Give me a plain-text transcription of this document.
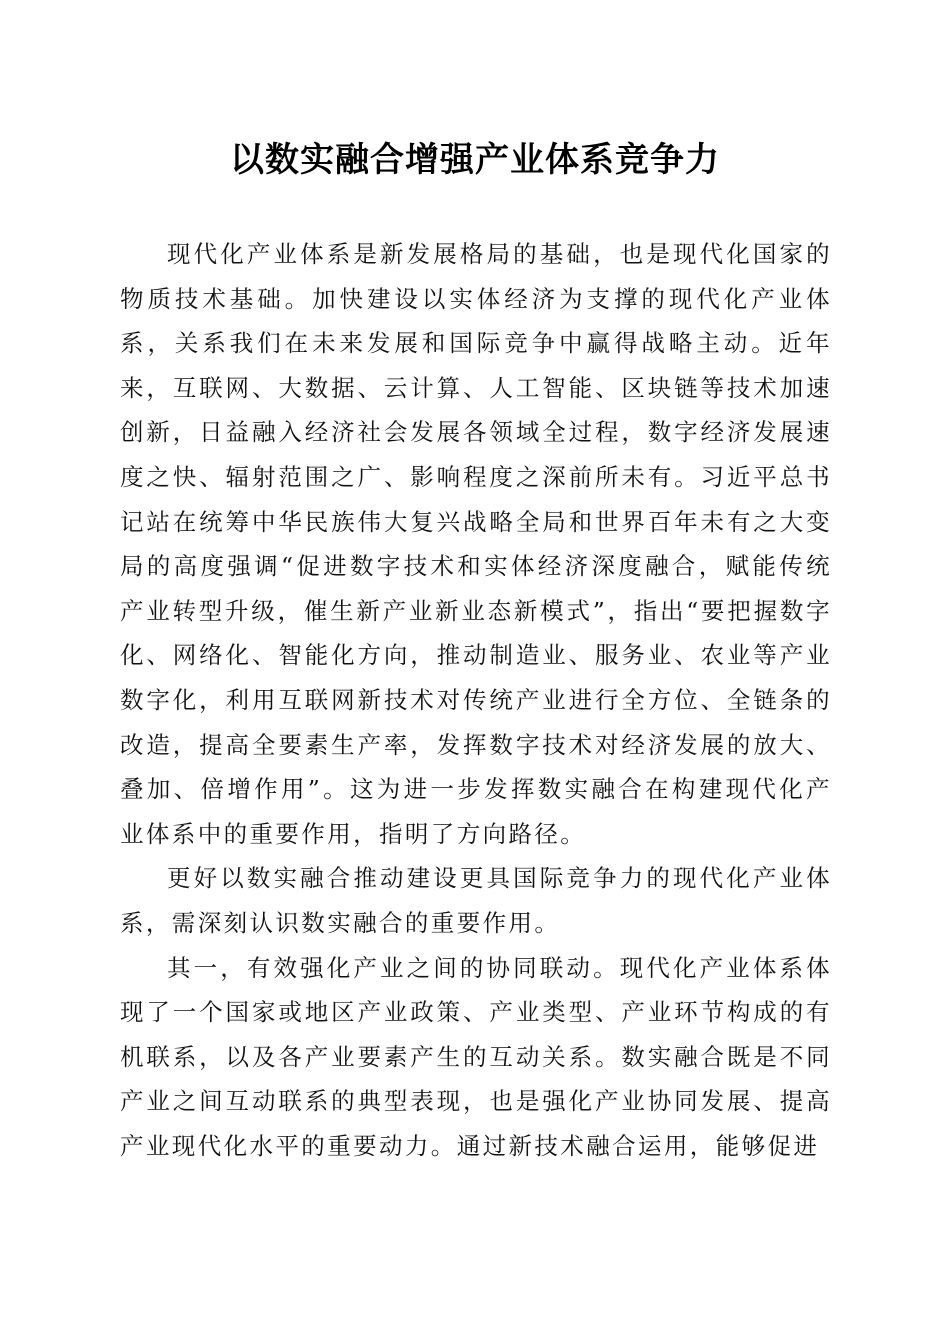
以数实融合增强产业体系竞争力

现代化产业体系是新发展格局的基础，也是现代化国家的物质技术基础。加快建设以实体经济为支撑的现代化产业体系，关系我们在未来发展和国际竞争中赢得战略主动。近年来，互联网、大数据、云计算、人工智能、区块链等技术加速创新，日益融入经济社会发展各领域全过程，数字经济发展速度之快、辐射范围之广、影响程度之深前所未有。习近平总书记站在统筹中华民族伟大复兴战略全局和世界百年未有之大变局的高度强调“促进数字技术和实体经济深度融合，赋能传统产业转型升级，催生新产业新业态新模式”，指出“要把握数字化、网络化、智能化方向，推动制造业、服务业、农业等产业数字化，利用互联网新技术对传统产业进行全方位、全链条的改造，提高全要素生产率，发挥数字技术对经济发展的放大、叠加、倍增作用”。这为进一步发挥数实融合在构建现代化产业体系中的重要作用，指明了方向路径。

更好以数实融合推动建设更具国际竞争力的现代化产业体系，需深刻认识数实融合的重要作用。

其一，有效强化产业之间的协同联动。现代化产业体系体现了一个国家或地区产业政策、产业类型、产业环节构成的有机联系，以及各产业要素产生的互动关系。数实融合既是不同产业之间互动联系的典型表现，也是强化产业协同发展、提高产业现代化水平的重要动力。通过新技术融合运用，能够促进
